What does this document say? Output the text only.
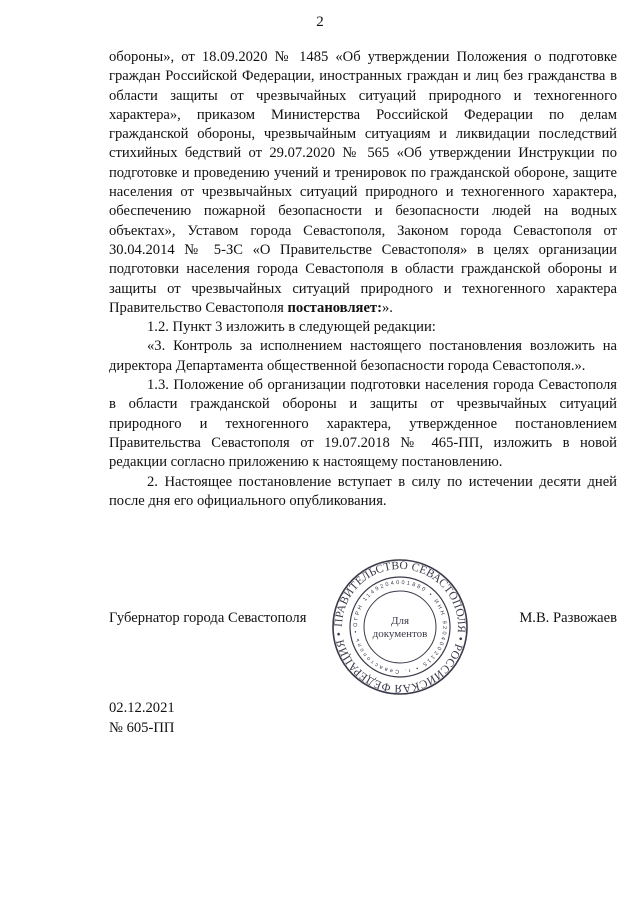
2

обороны», от 18.09.2020 № 1485 «Об утверждении Положения о подготовке граждан Российской Федерации, иностранных граждан и лиц без гражданства в области защиты от чрезвычайных ситуаций природного и техногенного характера», приказом Министерства Российской Федерации по делам гражданской обороны, чрезвычайным ситуациям и ликвидации последствий стихийных бедствий от 29.07.2020 № 565 «Об утверждении Инструкции по подготовке и проведению учений и тренировок по гражданской обороне, защите населения от чрезвычайных ситуаций природного и техногенного характера, обеспечению пожарной безопасности и безопасности людей на водных объектах», Уставом города Севастополя, Законом города Севастополя от 30.04.2014 № 5-ЗС «О Правительстве Севастополя» в целях организации подготовки населения города Севастополя в области гражданской обороны и защиты от чрезвычайных ситуаций природного и техногенного характера Правительство Севастополя постановляет:».

1.2. Пункт 3 изложить в следующей редакции:

«3. Контроль за исполнением настоящего постановления возложить на директора Департамента общественной безопасности города Севастополя.».

1.3. Положение об организации подготовки населения города Севастополя в области гражданской обороны и защиты от чрезвычайных ситуаций природного и техногенного характера, утвержденное постановлением Правительства Севастополя от 19.07.2018 № 465-ПП, изложить в новой редакции согласно приложению к настоящему постановлению.

2. Настоящее постановление вступает в силу по истечении десяти дней после дня его официального опубликования.

Губернатор города Севастополя	М.В. Развожаев
ПРАВИТЕЛЬСТВО СЕВАСТОПОЛЯ • РОССИЙСКАЯ ФЕДЕРАЦИЯ •
ОГРН 1149204001880 • ИНН 9204002115 • г. Севастополь •
Для
документов
02.12.2021
№ 605-ПП
